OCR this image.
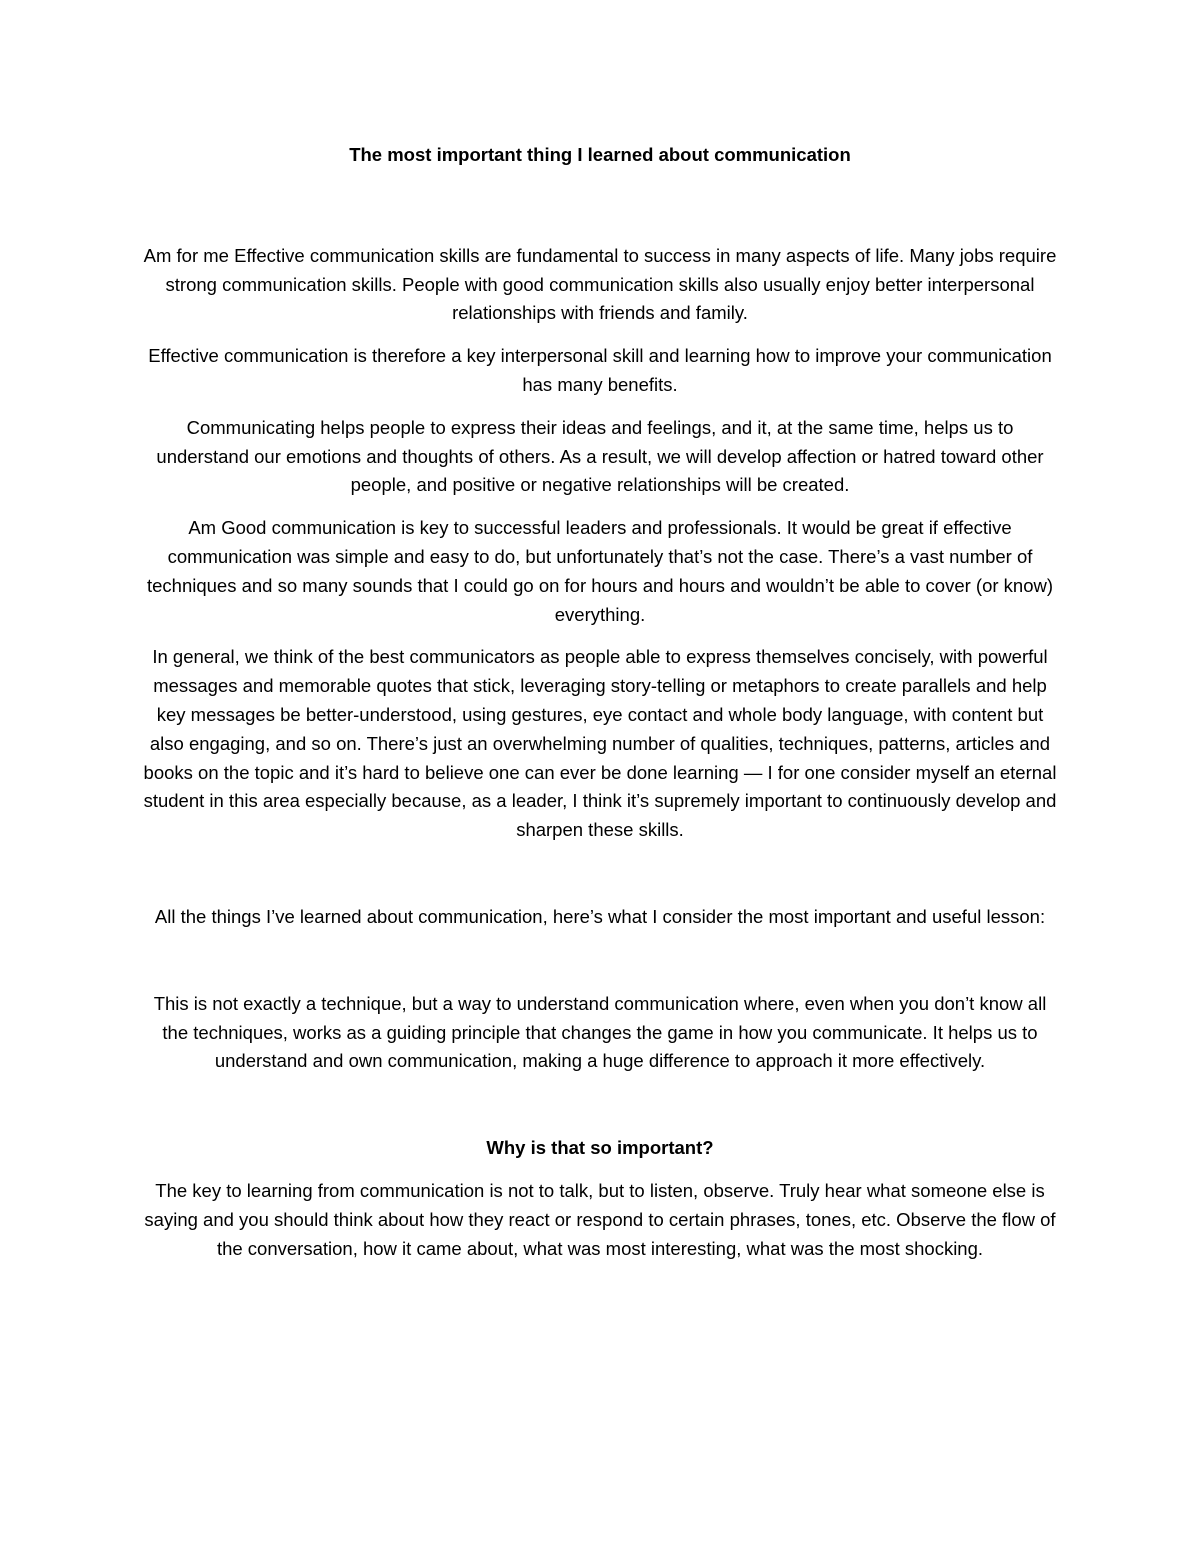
The most important thing I learned about communication

Am for me Effective communication skills are fundamental to success in many aspects of life. Many jobs require strong communication skills. People with good communication skills also usually enjoy better interpersonal relationships with friends and family.

Effective communication is therefore a key interpersonal skill and learning how to improve your communication has many benefits.

Communicating helps people to express their ideas and feelings, and it, at the same time, helps us to understand our emotions and thoughts of others. As a result, we will develop affection or hatred toward other people, and positive or negative relationships will be created.

Am Good communication is key to successful leaders and professionals. It would be great if effective communication was simple and easy to do, but unfortunately that’s not the case. There’s a vast number of techniques and so many sounds that I could go on for hours and hours and wouldn’t be able to cover (or know) everything.

In general, we think of the best communicators as people able to express themselves concisely, with powerful messages and memorable quotes that stick, leveraging story-telling or metaphors to create parallels and help key messages be better-understood, using gestures, eye contact and whole body language, with content but also engaging, and so on. There’s just an overwhelming number of qualities, techniques, patterns, articles and books on the topic and it’s hard to believe one can ever be done learning — I for one consider myself an eternal student in this area especially because, as a leader, I think it’s supremely important to continuously develop and sharpen these skills.

All the things I’ve learned about communication, here’s what I consider the most important and useful lesson:

This is not exactly a technique, but a way to understand communication where, even when you don’t know all the techniques, works as a guiding principle that changes the game in how you communicate. It helps us to understand and own communication, making a huge difference to approach it more effectively.

Why is that so important?

The key to learning from communication is not to talk, but to listen, observe. Truly hear what someone else is saying and you should think about how they react or respond to certain phrases, tones, etc. Observe the flow of the conversation, how it came about, what was most interesting, what was the most shocking.
